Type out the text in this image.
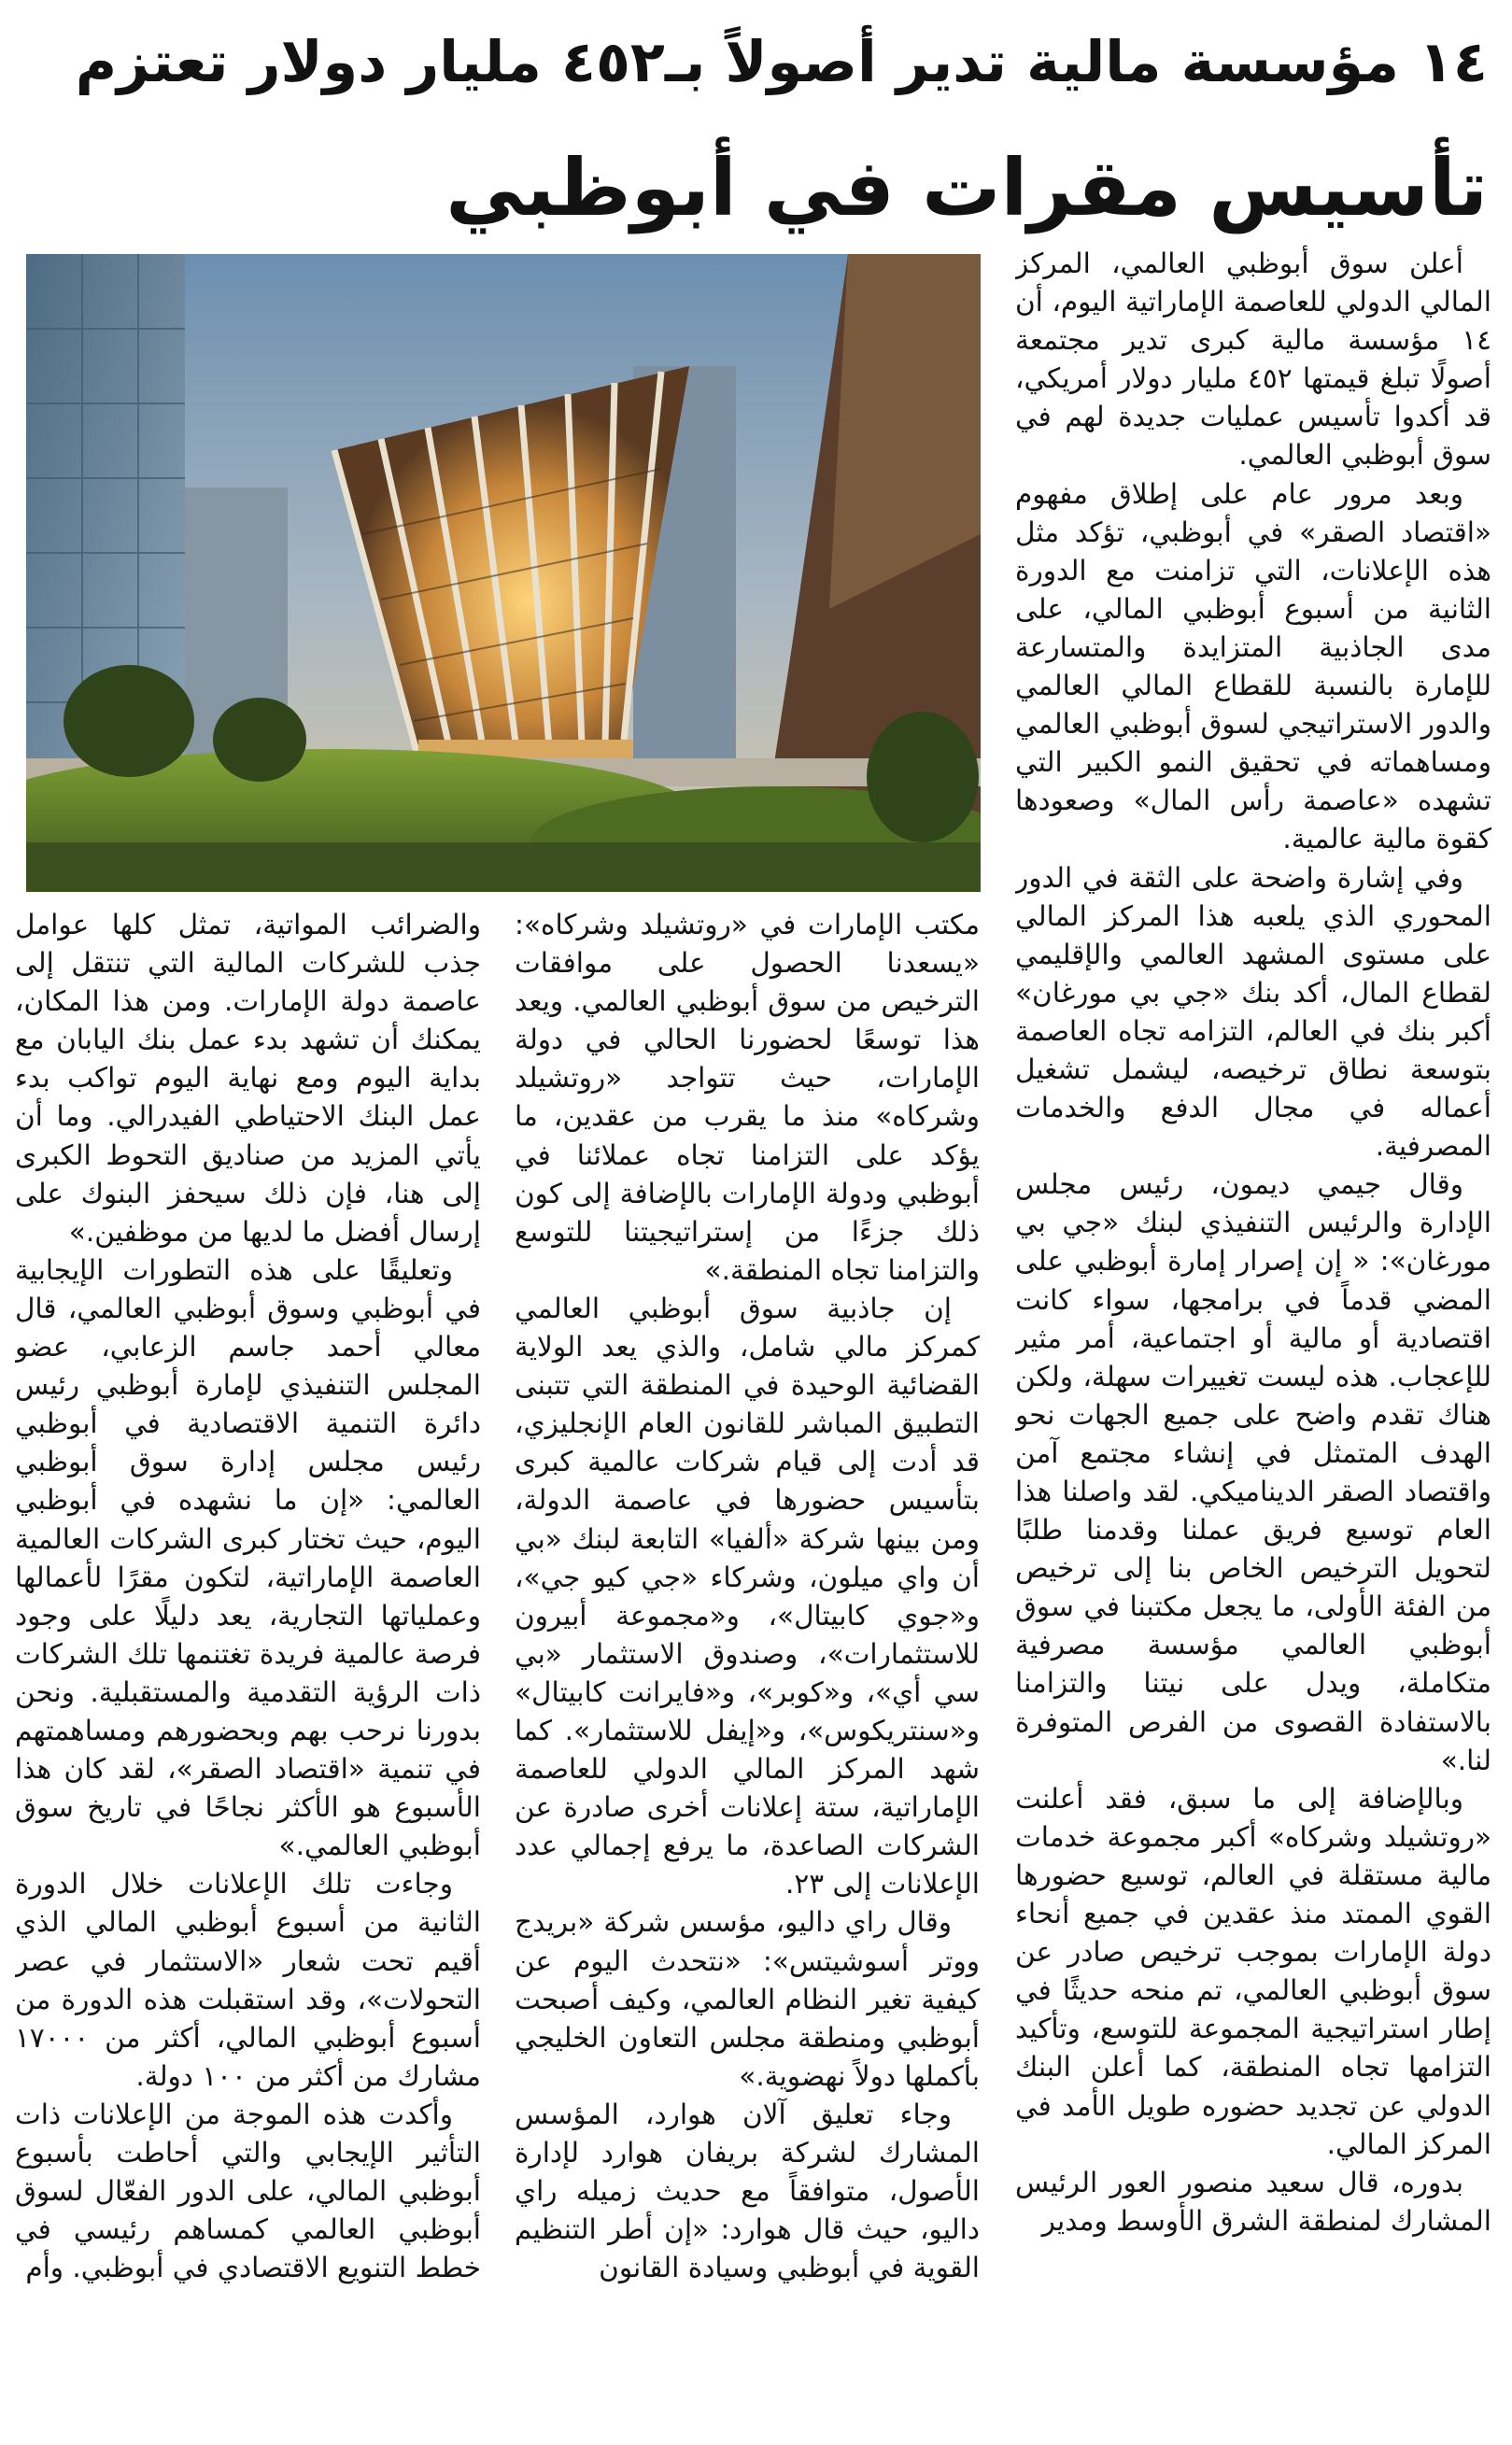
١٤ مؤسسة مالية تدير أصولاً بـ٤٥٢ مليار دولار تعتزم
تأسيس مقرات في أبوظبي

أعلن سوق أبوظبي العالمي، المركز المالي الدولي للعاصمة الإماراتية اليوم، أن ١٤ مؤسسة مالية كبرى تدير مجتمعة أصولًا تبلغ قيمتها ٤٥٢ مليار دولار أمريكي، قد أكدوا تأسيس عمليات جديدة لهم في سوق أبوظبي العالمي.

وبعد مرور عام على إطلاق مفهوم «اقتصاد الصقر» في أبوظبي، تؤكد مثل هذه الإعلانات، التي تزامنت مع الدورة الثانية من أسبوع أبوظبي المالي، على مدى الجاذبية المتزايدة والمتسارعة للإمارة بالنسبة للقطاع المالي العالمي والدور الاستراتيجي لسوق أبوظبي العالمي ومساهماته في تحقيق النمو الكبير التي تشهده «عاصمة رأس المال» وصعودها كقوة مالية عالمية.

وفي إشارة واضحة على الثقة في الدور المحوري الذي يلعبه هذا المركز المالي على مستوى المشهد العالمي والإقليمي لقطاع المال، أكد بنك «جي بي مورغان» أكبر بنك في العالم، التزامه تجاه العاصمة بتوسعة نطاق ترخيصه، ليشمل تشغيل أعماله في مجال الدفع والخدمات المصرفية.

وقال جيمي ديمون، رئيس مجلس الإدارة والرئيس التنفيذي لبنك «جي بي مورغان»: « إن إصرار إمارة أبوظبي على المضي قدماً في برامجها، سواء كانت اقتصادية أو مالية أو اجتماعية، أمر مثير للإعجاب. هذه ليست تغييرات سهلة، ولكن هناك تقدم واضح على جميع الجهات نحو الهدف المتمثل في إنشاء مجتمع آمن واقتصاد الصقر الديناميكي. لقد واصلنا هذا العام توسيع فريق عملنا وقدمنا طلبًا لتحويل الترخيص الخاص بنا إلى ترخيص من الفئة الأولى، ما يجعل مكتبنا في سوق أبوظبي العالمي مؤسسة مصرفية متكاملة، ويدل على نيتنا والتزامنا بالاستفادة القصوى من الفرص المتوفرة لنا.»

وبالإضافة إلى ما سبق، فقد أعلنت «روتشيلد وشركاه» أكبر مجموعة خدمات مالية مستقلة في العالم، توسيع حضورها القوي الممتد منذ عقدين في جميع أنحاء دولة الإمارات بموجب ترخيص صادر عن سوق أبوظبي العالمي، تم منحه حديثًا في إطار استراتيجية المجموعة للتوسع، وتأكيد التزامها تجاه المنطقة، كما أعلن البنك الدولي عن تجديد حضوره طويل الأمد في المركز المالي.

بدوره، قال سعيد منصور العور الرئيس المشارك لمنطقة الشرق الأوسط ومدير

مكتب الإمارات في «روتشيلد وشركاه»: «يسعدنا الحصول على موافقات الترخيص من سوق أبوظبي العالمي. ويعد هذا توسعًا لحضورنا الحالي في دولة الإمارات، حيث تتواجد «روتشيلد وشركاه» منذ ما يقرب من عقدين، ما يؤكد على التزامنا تجاه عملائنا في أبوظبي ودولة الإمارات بالإضافة إلى كون ذلك جزءًا من إستراتيجيتنا للتوسع والتزامنا تجاه المنطقة.»

إن جاذبية سوق أبوظبي العالمي كمركز مالي شامل، والذي يعد الولاية القضائية الوحيدة في المنطقة التي تتبنى التطبيق المباشر للقانون العام الإنجليزي، قد أدت إلى قيام شركات عالمية كبرى بتأسيس حضورها في عاصمة الدولة، ومن بينها شركة «ألفيا» التابعة لبنك «بي أن واي ميلون، وشركاء «جي كيو جي»، و«جوي كابيتال»، و«مجموعة أبيرون للاستثمارات»، وصندوق الاستثمار «بي سي أي»، و«كوبر»، و«فايرانت كابيتال» و«سنتريكوس»، و«إيفل للاستثمار». كما شهد المركز المالي الدولي للعاصمة الإماراتية، ستة إعلانات أخرى صادرة عن الشركات الصاعدة، ما يرفع إجمالي عدد الإعلانات إلى ٢٣.

وقال راي داليو، مؤسس شركة «بريدج ووتر أسوشيتس»: «نتحدث اليوم عن كيفية تغير النظام العالمي، وكيف أصبحت أبوظبي ومنطقة مجلس التعاون الخليجي بأكملها دولاً نهضوية.»

وجاء تعليق آلان هوارد، المؤسس المشارك لشركة بريفان هوارد لإدارة الأصول، متوافقاً مع حديث زميله راي داليو، حيث قال هوارد: «إن أطر التنظيم القوية في أبوظبي وسيادة القانون

والضرائب المواتية، تمثل كلها عوامل جذب للشركات المالية التي تنتقل إلى عاصمة دولة الإمارات. ومن هذا المكان، يمكنك أن تشهد بدء عمل بنك اليابان مع بداية اليوم ومع نهاية اليوم تواكب بدء عمل البنك الاحتياطي الفيدرالي. وما أن يأتي المزيد من صناديق التحوط الكبرى إلى هنا، فإن ذلك سيحفز البنوك على إرسال أفضل ما لديها من موظفين.»

وتعليقًا على هذه التطورات الإيجابية في أبوظبي وسوق أبوظبي العالمي، قال معالي أحمد جاسم الزعابي، عضو المجلس التنفيذي لإمارة أبوظبي رئيس دائرة التنمية الاقتصادية في أبوظبي رئيس مجلس إدارة سوق أبوظبي العالمي: «إن ما نشهده في أبوظبي اليوم، حيث تختار كبرى الشركات العالمية العاصمة الإماراتية، لتكون مقرًا لأعمالها وعملياتها التجارية، يعد دليلًا على وجود فرصة عالمية فريدة تغتنمها تلك الشركات ذات الرؤية التقدمية والمستقبلية. ونحن بدورنا نرحب بهم وبحضورهم ومساهمتهم في تنمية «اقتصاد الصقر»، لقد كان هذا الأسبوع هو الأكثر نجاحًا في تاريخ سوق أبوظبي العالمي.»

وجاءت تلك الإعلانات خلال الدورة الثانية من أسبوع أبوظبي المالي الذي أقيم تحت شعار «الاستثمار في عصر التحولات»، وقد استقبلت هذه الدورة من أسبوع أبوظبي المالي، أكثر من ١٧٠٠٠ مشارك من أكثر من ١٠٠ دولة.

وأكدت هذه الموجة من الإعلانات ذات التأثير الإيجابي والتي أحاطت بأسبوع أبوظبي المالي، على الدور الفعّال لسوق أبوظبي العالمي كمساهم رئيسي في خطط التنويع الاقتصادي في أبوظبي. وأم
